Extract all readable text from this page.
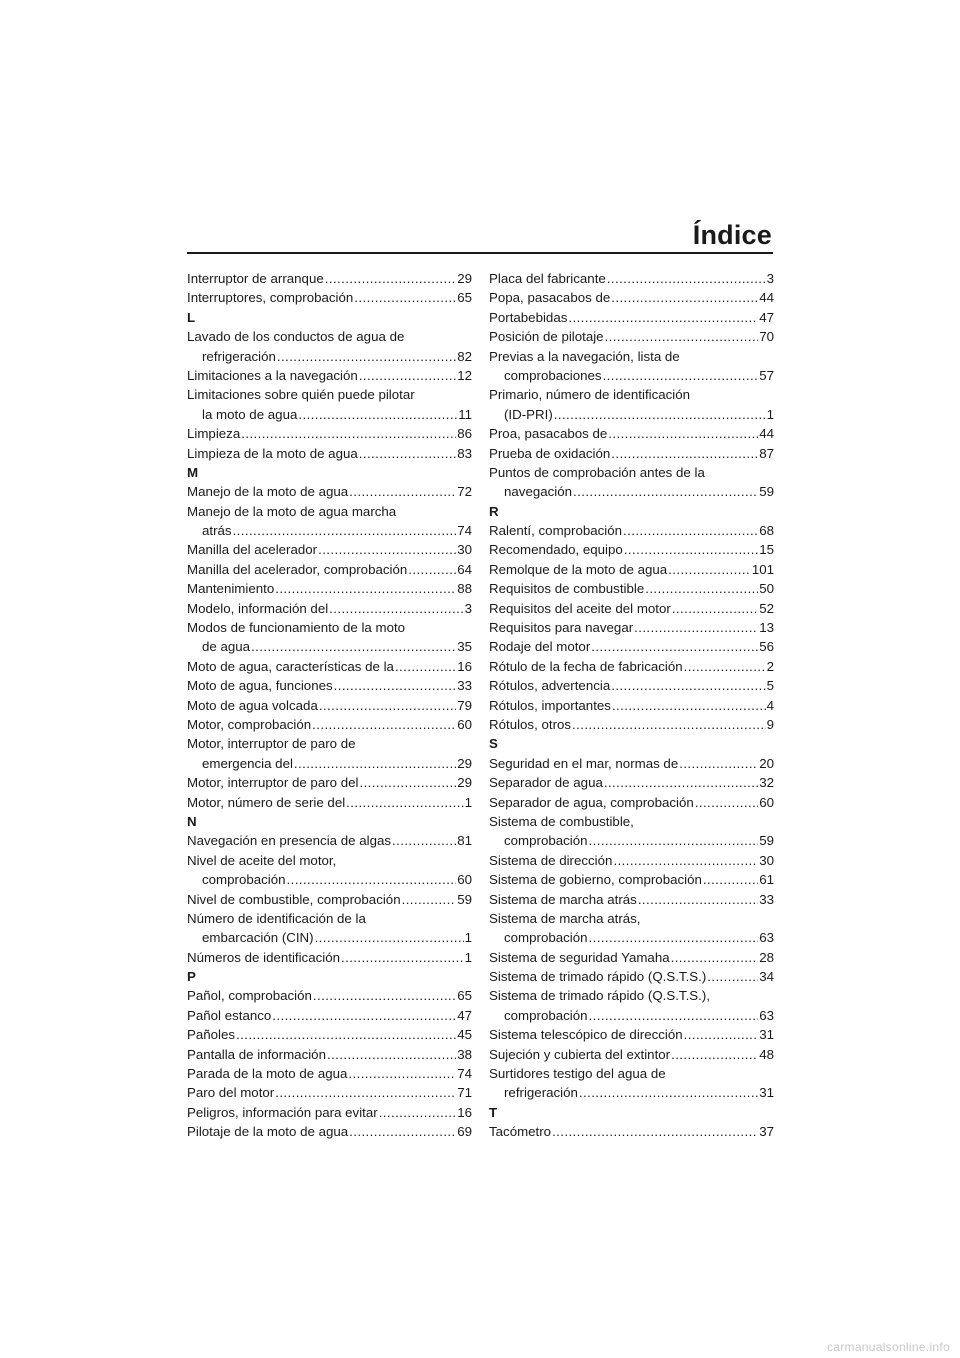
Índice
Interruptor de arranque .....	29
Interruptores, comprobación .....	65
L
Lavado de los conductos de agua de
refrigeración .....	82
Limitaciones a la navegación .....	12
Limitaciones sobre quién puede pilotar
la moto de agua .....	11
Limpieza .....	86
Limpieza de la moto de agua .....	83
M
Manejo de la moto de agua .....	72
Manejo de la moto de agua marcha
atrás .....	74
Manilla del acelerador .....	30
Manilla del acelerador, comprobación .....	64
Mantenimiento .....	88
Modelo, información del .....	3
Modos de funcionamiento de la moto
de agua .....	35
Moto de agua, características de la .....	16
Moto de agua, funciones .....	33
Moto de agua volcada .....	79
Motor, comprobación .....	60
Motor, interruptor de paro de
emergencia del .....	29
Motor, interruptor de paro del .....	29
Motor, número de serie del .....	1
N
Navegación en presencia de algas .....	81
Nivel de aceite del motor,
comprobación .....	60
Nivel de combustible, comprobación .....	59
Número de identificación de la
embarcación (CIN) .....	1
Números de identificación .....	1
P
Pañol, comprobación .....	65
Pañol estanco .....	47
Pañoles .....	45
Pantalla de información .....	38
Parada de la moto de agua .....	74
Paro del motor .....	71
Peligros, información para evitar .....	16
Pilotaje de la moto de agua .....	69
Placa del fabricante .....	3
Popa, pasacabos de .....	44
Portabebidas .....	47
Posición de pilotaje .....	70
Previas a la navegación, lista de
comprobaciones .....	57
Primario, número de identificación
(ID-PRI) .....	1
Proa, pasacabos de .....	44
Prueba de oxidación .....	87
Puntos de comprobación antes de la
navegación .....	59
R
Ralentí, comprobación .....	68
Recomendado, equipo .....	15
Remolque de la moto de agua .....	101
Requisitos de combustible .....	50
Requisitos del aceite del motor .....	52
Requisitos para navegar .....	13
Rodaje del motor .....	56
Rótulo de la fecha de fabricación .....	2
Rótulos, advertencia .....	5
Rótulos, importantes .....	4
Rótulos, otros .....	9
S
Seguridad en el mar, normas de .....	20
Separador de agua .....	32
Separador de agua, comprobación .....	60
Sistema de combustible,
comprobación .....	59
Sistema de dirección .....	30
Sistema de gobierno, comprobación .....	61
Sistema de marcha atrás .....	33
Sistema de marcha atrás,
comprobación .....	63
Sistema de seguridad Yamaha .....	28
Sistema de trimado rápido (Q.S.T.S.) .....	34
Sistema de trimado rápido (Q.S.T.S.),
comprobación .....	63
Sistema telescópico de dirección .....	31
Sujeción y cubierta del extintor .....	48
Surtidores testigo del agua de
refrigeración .....	31
T
Tacómetro .....	37
carmanualsonline.info
